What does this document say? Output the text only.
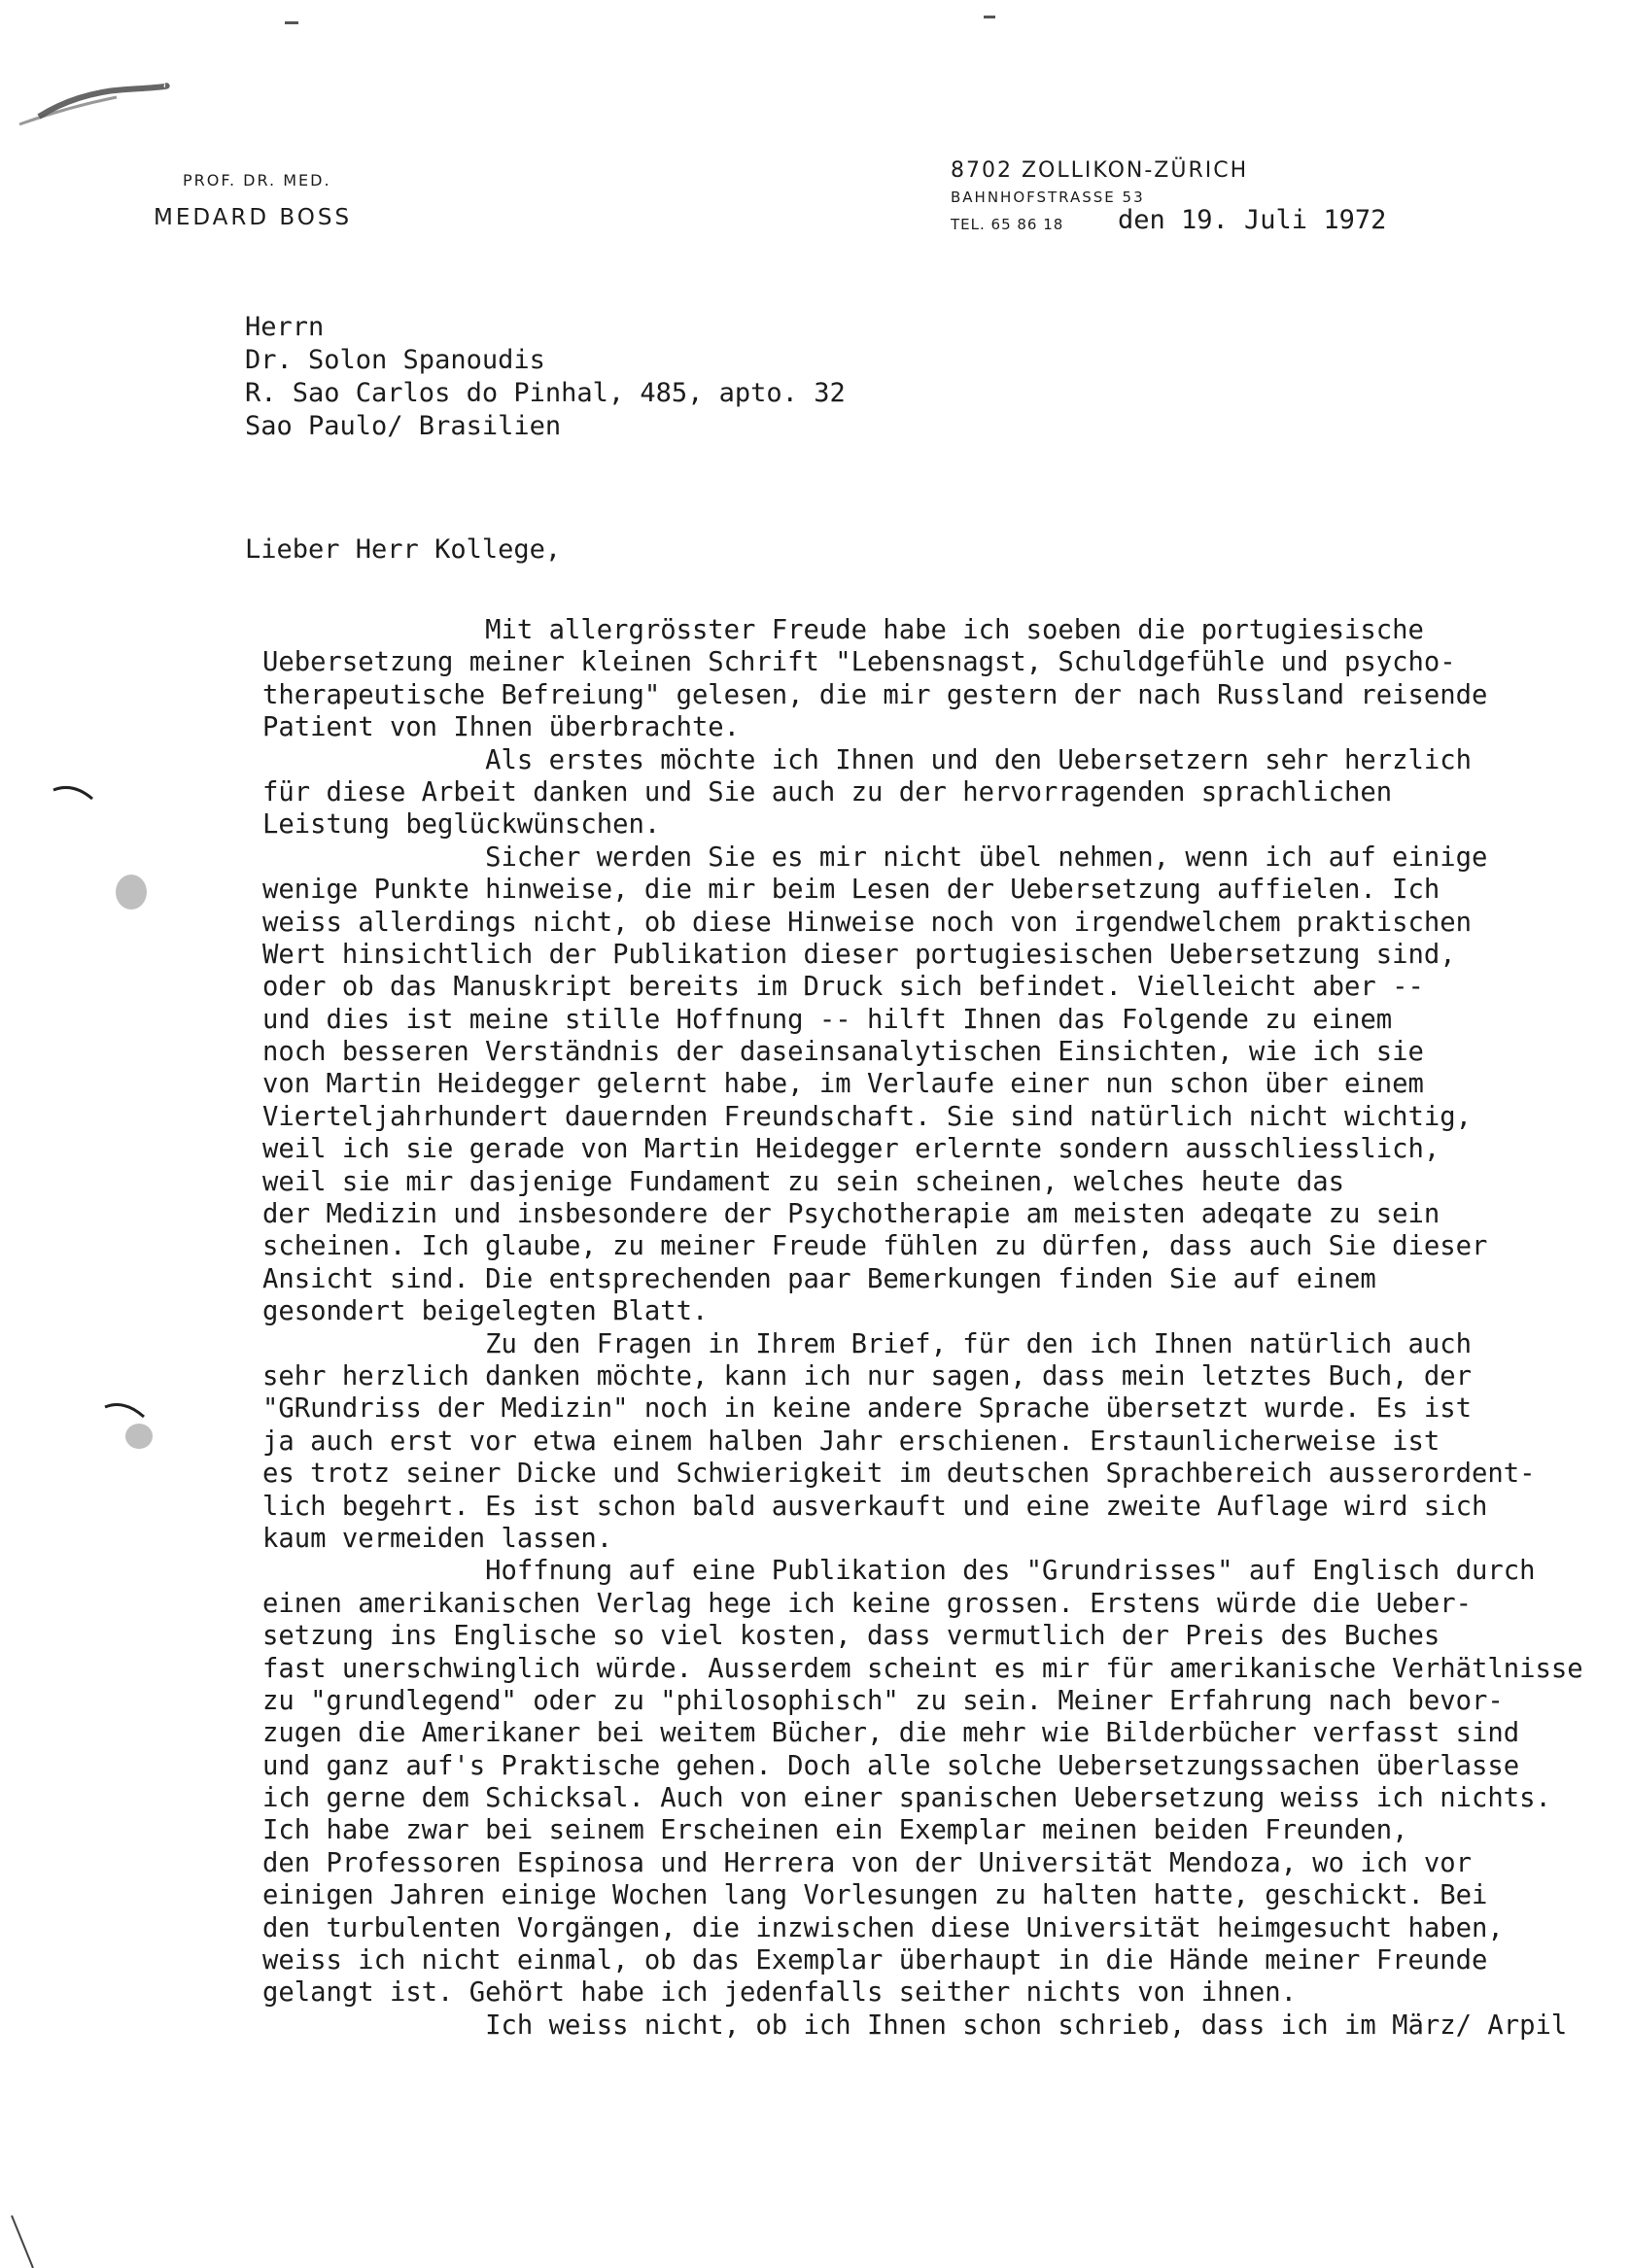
PROF. DR. MED.
MEDARD BOSS
8702 ZOLLIKON-ZÜRICH
BAHNHOFSTRASSE 53
TEL. 65 86 18 den 19. Juli 1972
Herrn
Dr. Solon Spanoudis
R. Sao Carlos do Pinhal, 485, apto. 32
Sao Paulo/ Brasilien
Lieber Herr Kollege,
Mit allergrösster Freude habe ich soeben die portugiesische
Uebersetzung meiner kleinen Schrift "Lebensnagst, Schuldgefühle und psycho-
therapeutische Befreiung" gelesen, die mir gestern der nach Russland reisende
Patient von Ihnen überbrachte.
Als erstes möchte ich Ihnen und den Uebersetzern sehr herzlich
für diese Arbeit danken und Sie auch zu der hervorragenden sprachlichen
Leistung beglückwünschen.
Sicher werden Sie es mir nicht übel nehmen, wenn ich auf einige
wenige Punkte hinweise, die mir beim Lesen der Uebersetzung auffielen. Ich
weiss allerdings nicht, ob diese Hinweise noch von irgendwelchem praktischen
Wert hinsichtlich der Publikation dieser portugiesischen Uebersetzung sind,
oder ob das Manuskript bereits im Druck sich befindet. Vielleicht aber --
und dies ist meine stille Hoffnung -- hilft Ihnen das Folgende zu einem
noch besseren Verständnis der daseinsanalytischen Einsichten, wie ich sie
von Martin Heidegger gelernt habe, im Verlaufe einer nun schon über einem
Vierteljahrhundert dauernden Freundschaft. Sie sind natürlich nicht wichtig,
weil ich sie gerade von Martin Heidegger erlernte sondern ausschliesslich,
weil sie mir dasjenige Fundament zu sein scheinen, welches heute das
der Medizin und insbesondere der Psychotherapie am meisten adeqate zu sein
scheinen. Ich glaube, zu meiner Freude fühlen zu dürfen, dass auch Sie dieser
Ansicht sind. Die entsprechenden paar Bemerkungen finden Sie auf einem
gesondert beigelegten Blatt.
Zu den Fragen in Ihrem Brief, für den ich Ihnen natürlich auch
sehr herzlich danken möchte, kann ich nur sagen, dass mein letztes Buch, der
"GRundriss der Medizin" noch in keine andere Sprache übersetzt wurde. Es ist
ja auch erst vor etwa einem halben Jahr erschienen. Erstaunlicherweise ist
es trotz seiner Dicke und Schwierigkeit im deutschen Sprachbereich ausserordent-
lich begehrt. Es ist schon bald ausverkauft und eine zweite Auflage wird sich
kaum vermeiden lassen.
Hoffnung auf eine Publikation des "Grundrisses" auf Englisch durch
einen amerikanischen Verlag hege ich keine grossen. Erstens würde die Ueber-
setzung ins Englische so viel kosten, dass vermutlich der Preis des Buches
fast unerschwinglich würde. Ausserdem scheint es mir für amerikanische Verhätlnisse
zu "grundlegend" oder zu "philosophisch" zu sein. Meiner Erfahrung nach bevor-
zugen die Amerikaner bei weitem Bücher, die mehr wie Bilderbücher verfasst sind
und ganz auf's Praktische gehen. Doch alle solche Uebersetzungssachen überlasse
ich gerne dem Schicksal. Auch von einer spanischen Uebersetzung weiss ich nichts.
Ich habe zwar bei seinem Erscheinen ein Exemplar meinen beiden Freunden,
den Professoren Espinosa und Herrera von der Universität Mendoza, wo ich vor
einigen Jahren einige Wochen lang Vorlesungen zu halten hatte, geschickt. Bei
den turbulenten Vorgängen, die inzwischen diese Universität heimgesucht haben,
weiss ich nicht einmal, ob das Exemplar überhaupt in die Hände meiner Freunde
gelangt ist. Gehört habe ich jedenfalls seither nichts von ihnen.
Ich weiss nicht, ob ich Ihnen schon schrieb, dass ich im März/ Arpil
